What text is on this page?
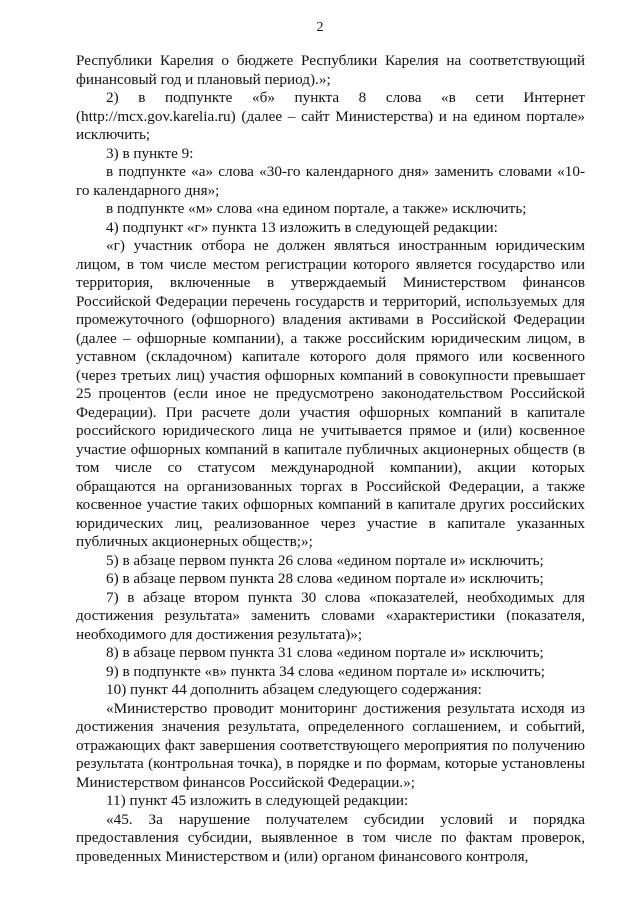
2

Республики Карелия о бюджете Республики Карелия на соответствующий финансовый год и плановый период).»;

2) в подпункте «б» пункта 8 слова «в сети Интернет (http://mcx.gov.karelia.ru) (далее – сайт Министерства) и на едином портале» исключить;

3) в пункте 9:

в подпункте «а» слова «30-го календарного дня» заменить словами «10-го календарного дня»;

в подпункте «м» слова «на едином портале, а также» исключить;

4) подпункт «г» пункта 13 изложить в следующей редакции:

«г) участник отбора не должен являться иностранным юридическим лицом, в том числе местом регистрации которого является государство или территория, включенные в утверждаемый Министерством финансов Российской Федерации перечень государств и территорий, используемых для промежуточного (офшорного) владения активами в Российской Федерации (далее – офшорные компании), а также российским юридическим лицом, в уставном (складочном) капитале которого доля прямого или косвенного (через третьих лиц) участия офшорных компаний в совокупности превышает 25 процентов (если иное не предусмотрено законодательством Российской Федерации). При расчете доли участия офшорных компаний в капитале российского юридического лица не учитывается прямое и (или) косвенное участие офшорных компаний в капитале публичных акционерных обществ (в том числе со статусом международной компании), акции которых обращаются на организованных торгах в Российской Федерации, а также косвенное участие таких офшорных компаний в капитале других российских юридических лиц, реализованное через участие в капитале указанных публичных акционерных обществ;»;

5) в абзаце первом пункта 26 слова «едином портале и» исключить;

6) в абзаце первом пункта 28 слова «едином портале и» исключить;

7) в абзаце втором пункта 30 слова «показателей, необходимых для достижения результата» заменить словами «характеристики (показателя, необходимого для достижения результата)»;

8) в абзаце первом пункта 31 слова «едином портале и» исключить;

9) в подпункте «в» пункта 34 слова «едином портале и» исключить;

10) пункт 44 дополнить абзацем следующего содержания:

«Министерство проводит мониторинг достижения результата исходя из достижения значения результата, определенного соглашением, и событий, отражающих факт завершения соответствующего мероприятия по получению результата (контрольная точка), в порядке и по формам, которые установлены Министерством финансов Российской Федерации.»;

11) пункт 45 изложить в следующей редакции:

«45. За нарушение получателем субсидии условий и порядка предоставления субсидии, выявленное в том числе по фактам проверок, проведенных Министерством и (или) органом финансового контроля,
